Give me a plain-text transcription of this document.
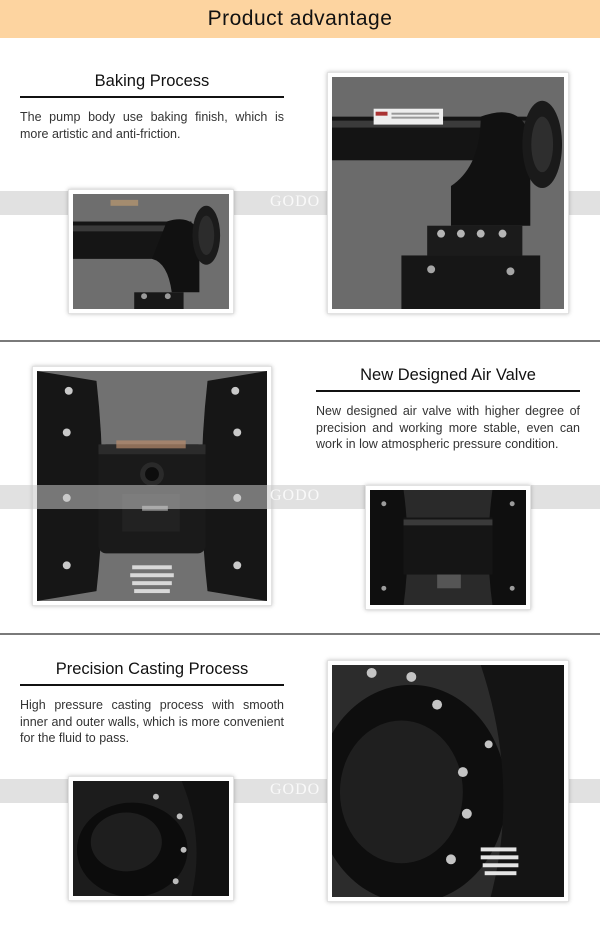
Product advantage
Baking Process
The pump body use baking finish, which is more artistic and anti-friction.
GODO
New Designed Air Valve
New designed air valve with higher degree of precision and working more stable, even can work in low atmospheric pressure condition.
GODO
Precision Casting Process
High pressure casting process with smooth inner and outer walls, which is more convenient for the fluid to pass.
GODO
